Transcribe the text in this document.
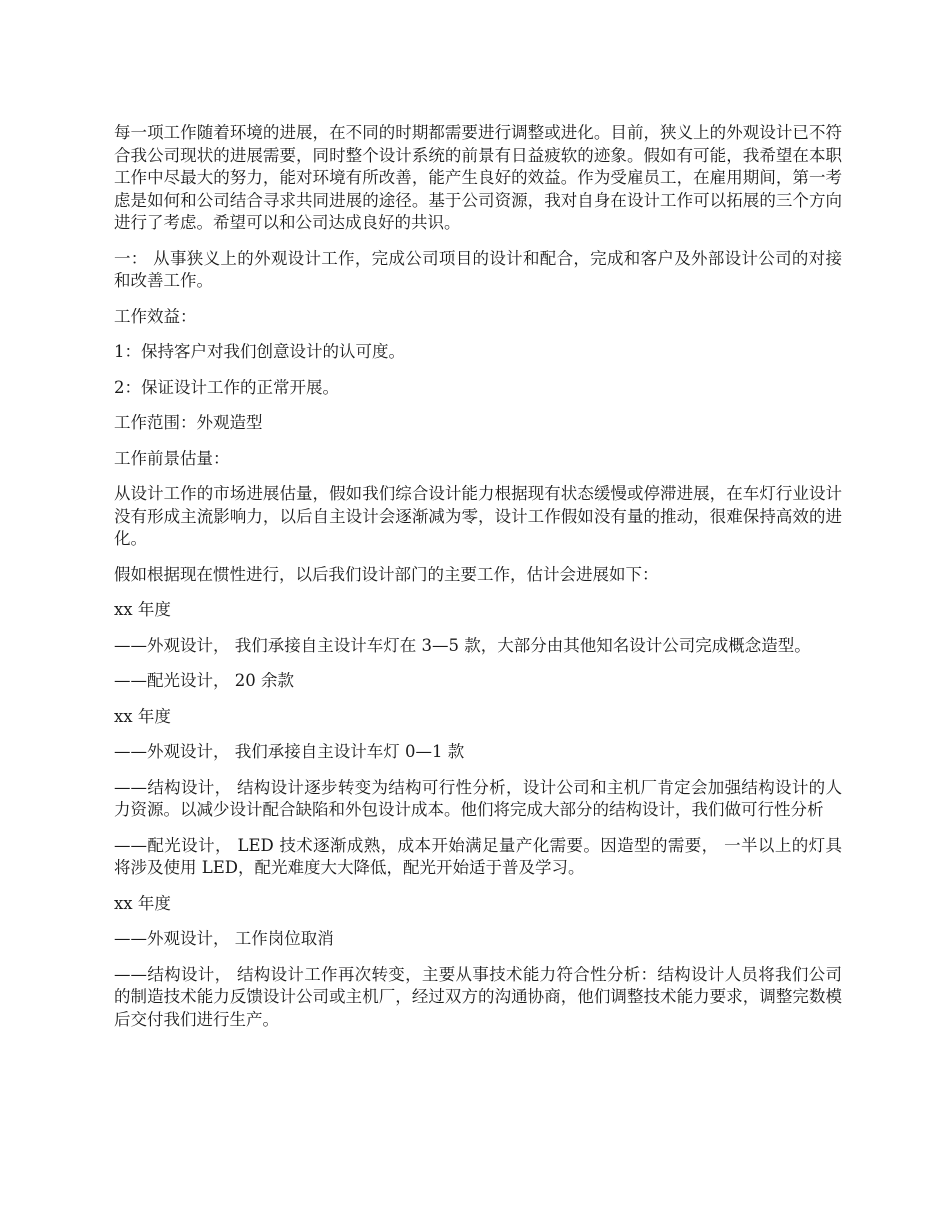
每一项工作随着环境的进展，在不同的时期都需要进行调整或进化。目前，狭义上的外观设计已不符合我公司现状的进展需要，同时整个设计系统的前景有日益疲软的迹象。假如有可能，我希望在本职工作中尽最大的努力，能对环境有所改善，能产生良好的效益。作为受雇员工，在雇用期间，第一考虑是如何和公司结合寻求共同进展的途径。基于公司资源，我对自身在设计工作可以拓展的三个方向进行了考虑。希望可以和公司达成良好的共识。

一： 从事狭义上的外观设计工作，完成公司项目的设计和配合，完成和客户及外部设计公司的对接和改善工作。

工作效益：

1：保持客户对我们创意设计的认可度。

2：保证设计工作的正常开展。

工作范围：外观造型

工作前景估量：

从设计工作的市场进展估量，假如我们综合设计能力根据现有状态缓慢或停滞进展，在车灯行业设计没有形成主流影响力，以后自主设计会逐渐减为零，设计工作假如没有量的推动，很难保持高效的进化。

假如根据现在惯性进行，以后我们设计部门的主要工作，估计会进展如下：

xx 年度

——外观设计， 我们承接自主设计车灯在 3—5 款，大部分由其他知名设计公司完成概念造型。

——配光设计， 20 余款

xx 年度

——外观设计， 我们承接自主设计车灯 0—1 款

——结构设计， 结构设计逐步转变为结构可行性分析，设计公司和主机厂肯定会加强结构设计的人力资源。以减少设计配合缺陷和外包设计成本。他们将完成大部分的结构设计，我们做可行性分析

——配光设计， LED 技术逐渐成熟，成本开始满足量产化需要。因造型的需要， 一半以上的灯具将涉及使用 LED，配光难度大大降低，配光开始适于普及学习。

xx 年度

——外观设计， 工作岗位取消

——结构设计， 结构设计工作再次转变，主要从事技术能力符合性分析：结构设计人员将我们公司的制造技术能力反馈设计公司或主机厂，经过双方的沟通协商，他们调整技术能力要求，调整完数模后交付我们进行生产。
